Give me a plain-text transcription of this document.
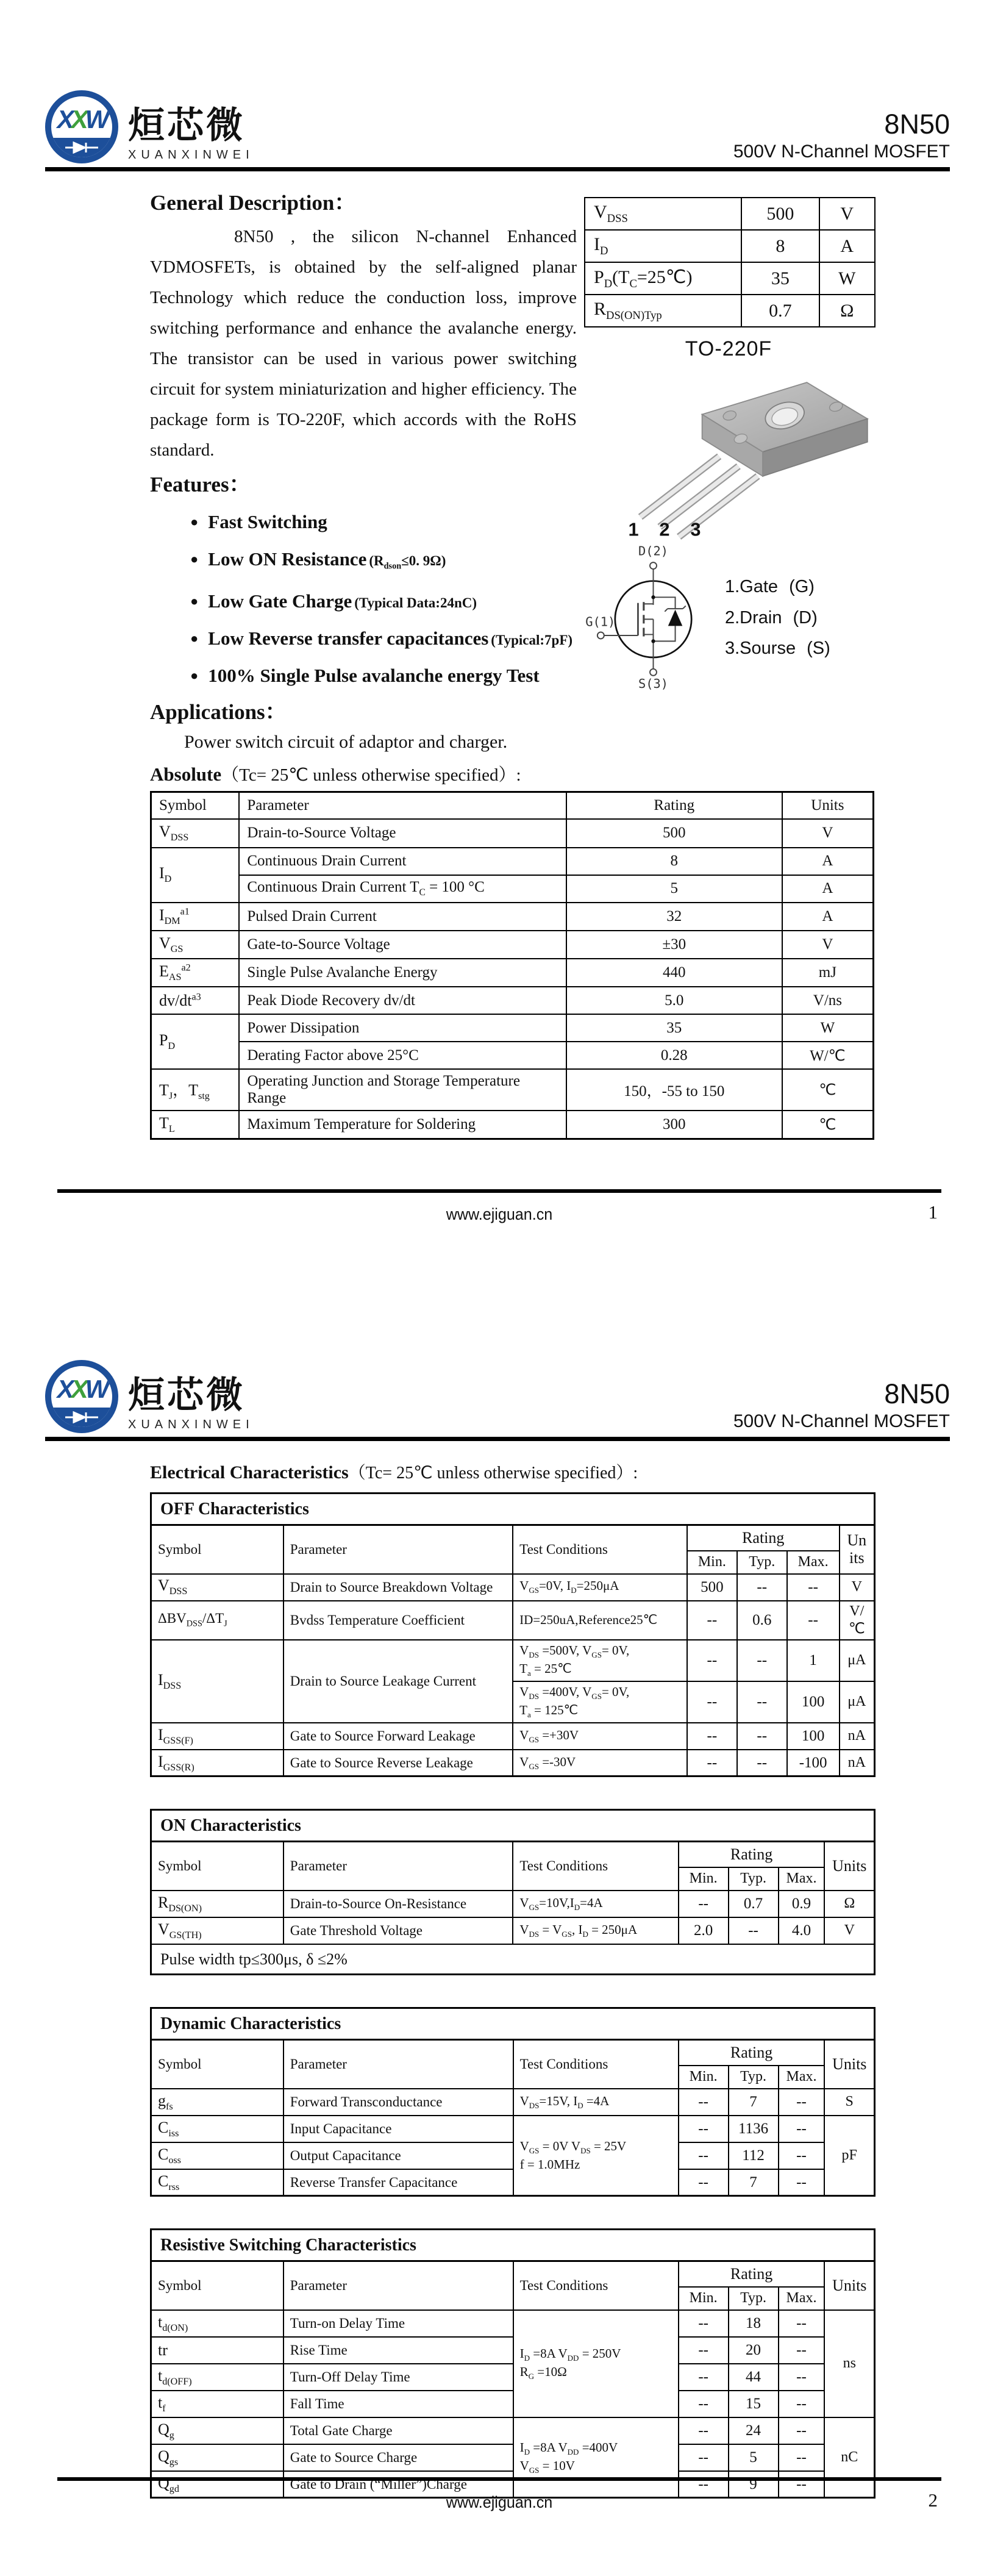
XXW 烜芯微
XUANXINWEI
8N50
500V N-Channel MOSFET
General Description：

8N50 , the silicon N-channel Enhanced VDMOSFETs, is obtained by the self-aligned planar Technology which reduce the conduction loss, improve switching performance and enhance the avalanche energy. The transistor can be used in various power switching circuit for system miniaturization and higher efficiency. The package form is TO-220F, which accords with the RoHS standard.

Features：
● Fast Switching
● Low ON Resistance ($R_{dson}\le 0$. 9Ω)
● Low Gate Charge (Typical Data:24nC)
● Low Reverse transfer capacitances (Typical:7pF)
● 100% Single Pulse avalanche energy Test
Applications：

Power switch circuit of adaptor and charger.

$V_{DSS}$	500	V
$I_D$	8	A
$P_D(T_C=25℃)$	35	W
$R_{DS(ON)Typ}$	0.7	Ω
TO-220F
1 2 3
D(2)
G(1)
S(3)
1.Gate (G)
2.Drain (D)
3.Sourse (S)
Absolute（Tc= 25℃ unless otherwise specified）:
Symbol	Parameter	Rating	Units
$V_{DSS}$	Drain-to-Source Voltage	500	V
$I_D$	Continuous Drain Current	8	A
	Continuous Drain Current $T_C = 100$ °C	5	A
$I_{DM}^{a1}$	Pulsed Drain Current	32	A
$V_{GS}$	Gate-to-Source Voltage	±30	V
$E_{AS}^{a2}$	Single Pulse Avalanche Energy	440	mJ
$dv/dt^{a3}$	Peak Diode Recovery dv/dt	5.0	V/ns
$P_D$	Power Dissipation	35	W
	Derating Factor above 25°C	0.28	W/℃
$T_J$，$T_{stg}$	Operating Junction and Storage Temperature Range	150，-55 to 150	℃
$T_L$	Maximum Temperature for Soldering	300	℃
www.ejiguan.cn	1
XXW 烜芯微
XUANXINWEI
8N50
500V N-Channel MOSFET
Electrical Characteristics（Tc= 25℃ unless otherwise specified）:
OFF Characteristics						
Symbol	Parameter	Test Conditions	Rating			Units
			Min.	Typ.	Max.	
$V_{DSS}$	Drain to Source Breakdown Voltage	$V_{GS}=0V$, $I_D=250\mu A$	500	--	--	V
$\Delta BV_{DSS}/\Delta T_J$	Bvdss Temperature Coefficient	ID=250uA,Reference25℃	--	0.6	--	V/℃
$I_{DSS}$	Drain to Source Leakage Current	$V_{DS} =500V$, $V_{GS}= 0V$,
$T_a$ = 25℃	--	--	1	μA

		$V_{DS} =400V$, $V_{GS}= 0V$,
$T_a$ = 125℃	--	--	100	μA
$I_{GSS(F)}$	Gate to Source Forward Leakage	$V_{GS} =+30V$	--	--	100	nA
$I_{GSS(R)}$	Gate to Source Reverse Leakage	$V_{GS} =-30V$	--	--	-100	nA
ON Characteristics						
Symbol	Parameter	Test Conditions	Rating			Units
			Min.	Typ.	Max.	
$R_{DS(ON)}$	Drain-to-Source On-Resistance	$V_{GS}=10V,I_D=4A$	--	0.7	0.9	Ω
$V_{GS(TH)}$	Gate Threshold Voltage	$V_{DS} = V_{GS}$, $I_D = 250\mu A$	2.0	--	4.0	V
Pulse width tp≤300μs, δ ≤2%						
Dynamic Characteristics						
Symbol	Parameter	Test Conditions	Rating			Units
			Min.	Typ.	Max.	
$g_{fs}$	Forward Transconductance	$V_{DS}=15V$, $I_D =4A$	--	7	--	S
$C_{iss}$	Input Capacitance	$V_{GS} = 0V$ $V_{DS} = 25V$
f = 1.0MHz	--	1136	--	pF
$C_{oss}$	Output Capacitance		--	112	--	
$C_{rss}$	Reverse Transfer Capacitance		--	7	--	
Resistive Switching Characteristics						
Symbol	Parameter	Test Conditions	Rating			Units
			Min.	Typ.	Max.	
$t_{d(ON)}$	Turn-on Delay Time	$I_D =8A$ $V_{DD} = 250V$
$R_G =10\Omega$	--	18	--	ns
tr	Rise Time		--	20	--	
$t_{d(OFF)}$	Turn-Off Delay Time		--	44	--	
$t_f$	Fall Time		--	15	--	
$Q_g$	Total Gate Charge	$I_D =8A$ $V_{DD} =400V$
$V_{GS} = 10V$	--	24	--	nC
$Q_{gs}$	Gate to Source Charge		--	5	--	
$Q_{gd}$	Gate to Drain (“Miller”)Charge		--	9	--	
www.ejiguan.cn	2
